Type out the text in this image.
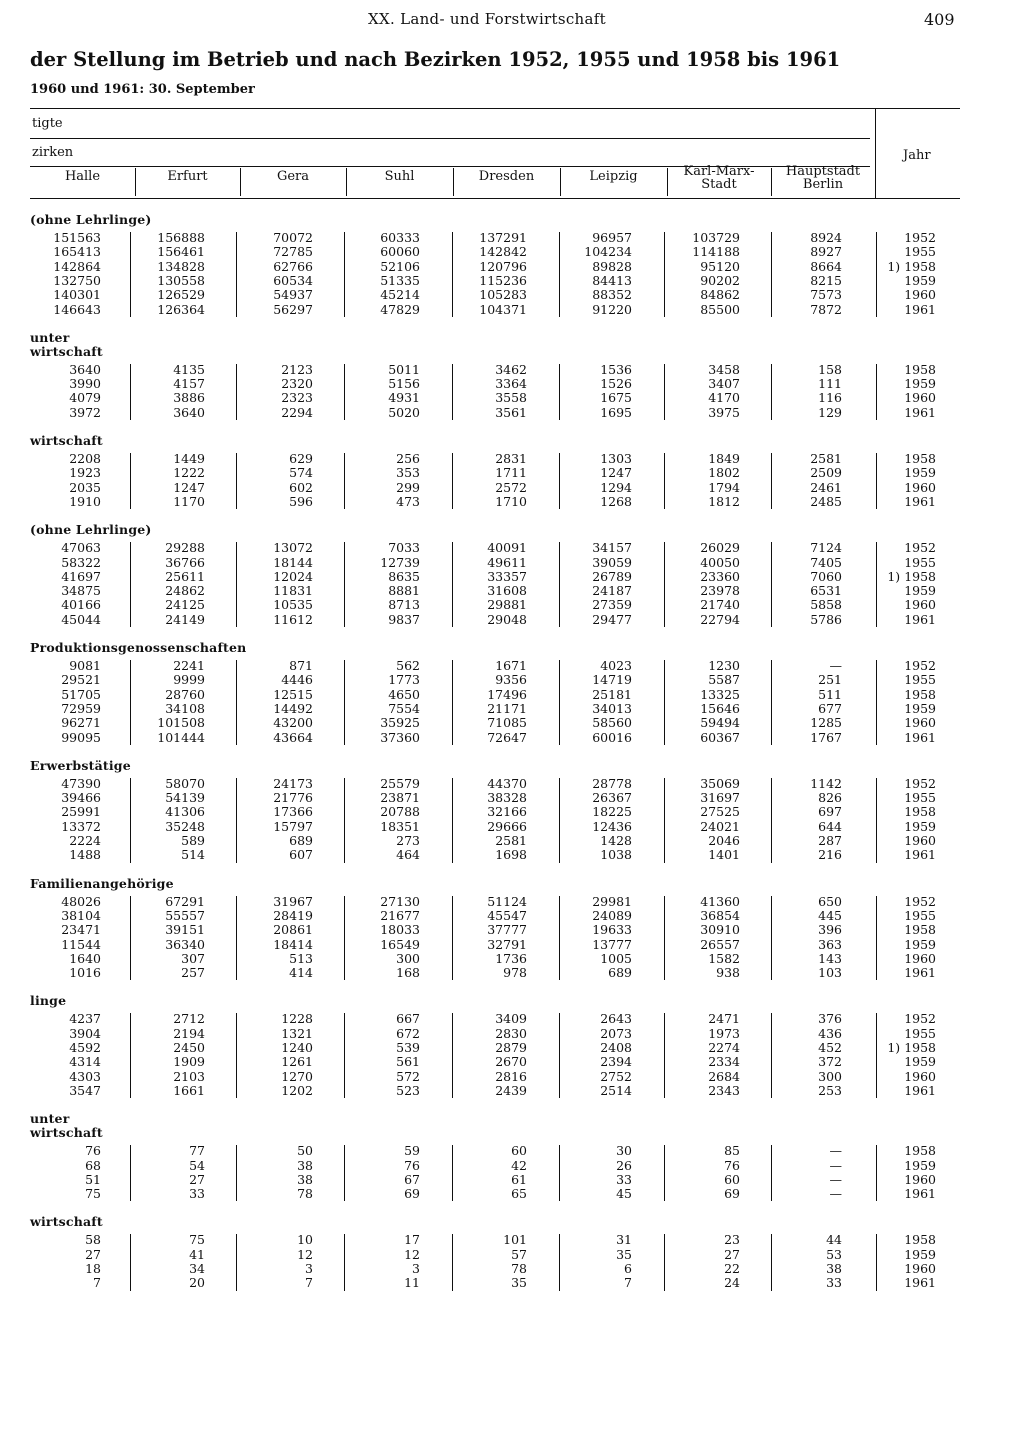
XX. Land- und Forstwirtschaft	409
der Stellung im Betrieb und nach Bezirken 1952, 1955 und 1958 bis 1961
1960 und 1961: 30. September
tigte
zirken	Jahr
Halle	Erfurt	Gera	Suhl	Dresden	Leipzig	Karl-Marx-
Stadt
Hauptstadt
Berlin
(ohne Lehrlinge)
151563	156888	70072	60333	137291	96957	103729	8924	1952
165413	156461	72785	60060	142842	104234	114188	8927	1955
142864	134828	62766	52106	120796	89828	95120	8664	1) 1958
132750	130558	60534	51335	115236	84413	90202	8215	1959
140301	126529	54937	45214	105283	88352	84862	7573	1960
146643	126364	56297	47829	104371	91220	85500	7872	1961
unter
wirtschaft
3640	4135	2123	5011	3462	1536	3458	158	1958
3990	4157	2320	5156	3364	1526	3407	111	1959
4079	3886	2323	4931	3558	1675	4170	116	1960
3972	3640	2294	5020	3561	1695	3975	129	1961
wirtschaft
2208	1449	629	256	2831	1303	1849	2581	1958
1923	1222	574	353	1711	1247	1802	2509	1959
2035	1247	602	299	2572	1294	1794	2461	1960
1910	1170	596	473	1710	1268	1812	2485	1961
(ohne Lehrlinge)
47063	29288	13072	7033	40091	34157	26029	7124	1952
58322	36766	18144	12739	49611	39059	40050	7405	1955
41697	25611	12024	8635	33357	26789	23360	7060	1) 1958
34875	24862	11831	8881	31608	24187	23978	6531	1959
40166	24125	10535	8713	29881	27359	21740	5858	1960
45044	24149	11612	9837	29048	29477	22794	5786	1961
Produktionsgenossenschaften
9081	2241	871	562	1671	4023	1230	—	1952
29521	9999	4446	1773	9356	14719	5587	251	1955
51705	28760	12515	4650	17496	25181	13325	511	1958
72959	34108	14492	7554	21171	34013	15646	677	1959
96271	101508	43200	35925	71085	58560	59494	1285	1960
99095	101444	43664	37360	72647	60016	60367	1767	1961
Erwerbstätige
47390	58070	24173	25579	44370	28778	35069	1142	1952
39466	54139	21776	23871	38328	26367	31697	826	1955
25991	41306	17366	20788	32166	18225	27525	697	1958
13372	35248	15797	18351	29666	12436	24021	644	1959
2224	589	689	273	2581	1428	2046	287	1960
1488	514	607	464	1698	1038	1401	216	1961
Familienangehörige
48026	67291	31967	27130	51124	29981	41360	650	1952
38104	55557	28419	21677	45547	24089	36854	445	1955
23471	39151	20861	18033	37777	19633	30910	396	1958
11544	36340	18414	16549	32791	13777	26557	363	1959
1640	307	513	300	1736	1005	1582	143	1960
1016	257	414	168	978	689	938	103	1961
linge
4237	2712	1228	667	3409	2643	2471	376	1952
3904	2194	1321	672	2830	2073	1973	436	1955
4592	2450	1240	539	2879	2408	2274	452	1) 1958
4314	1909	1261	561	2670	2394	2334	372	1959
4303	2103	1270	572	2816	2752	2684	300	1960
3547	1661	1202	523	2439	2514	2343	253	1961
unter
wirtschaft
76	77	50	59	60	30	85	—	1958
68	54	38	76	42	26	76	—	1959
51	27	38	67	61	33	60	—	1960
75	33	78	69	65	45	69	—	1961
wirtschaft
58	75	10	17	101	31	23	44	1958
27	41	12	12	57	35	27	53	1959
18	34	3	3	78	6	22	38	1960
7	20	7	11	35	7	24	33	1961
